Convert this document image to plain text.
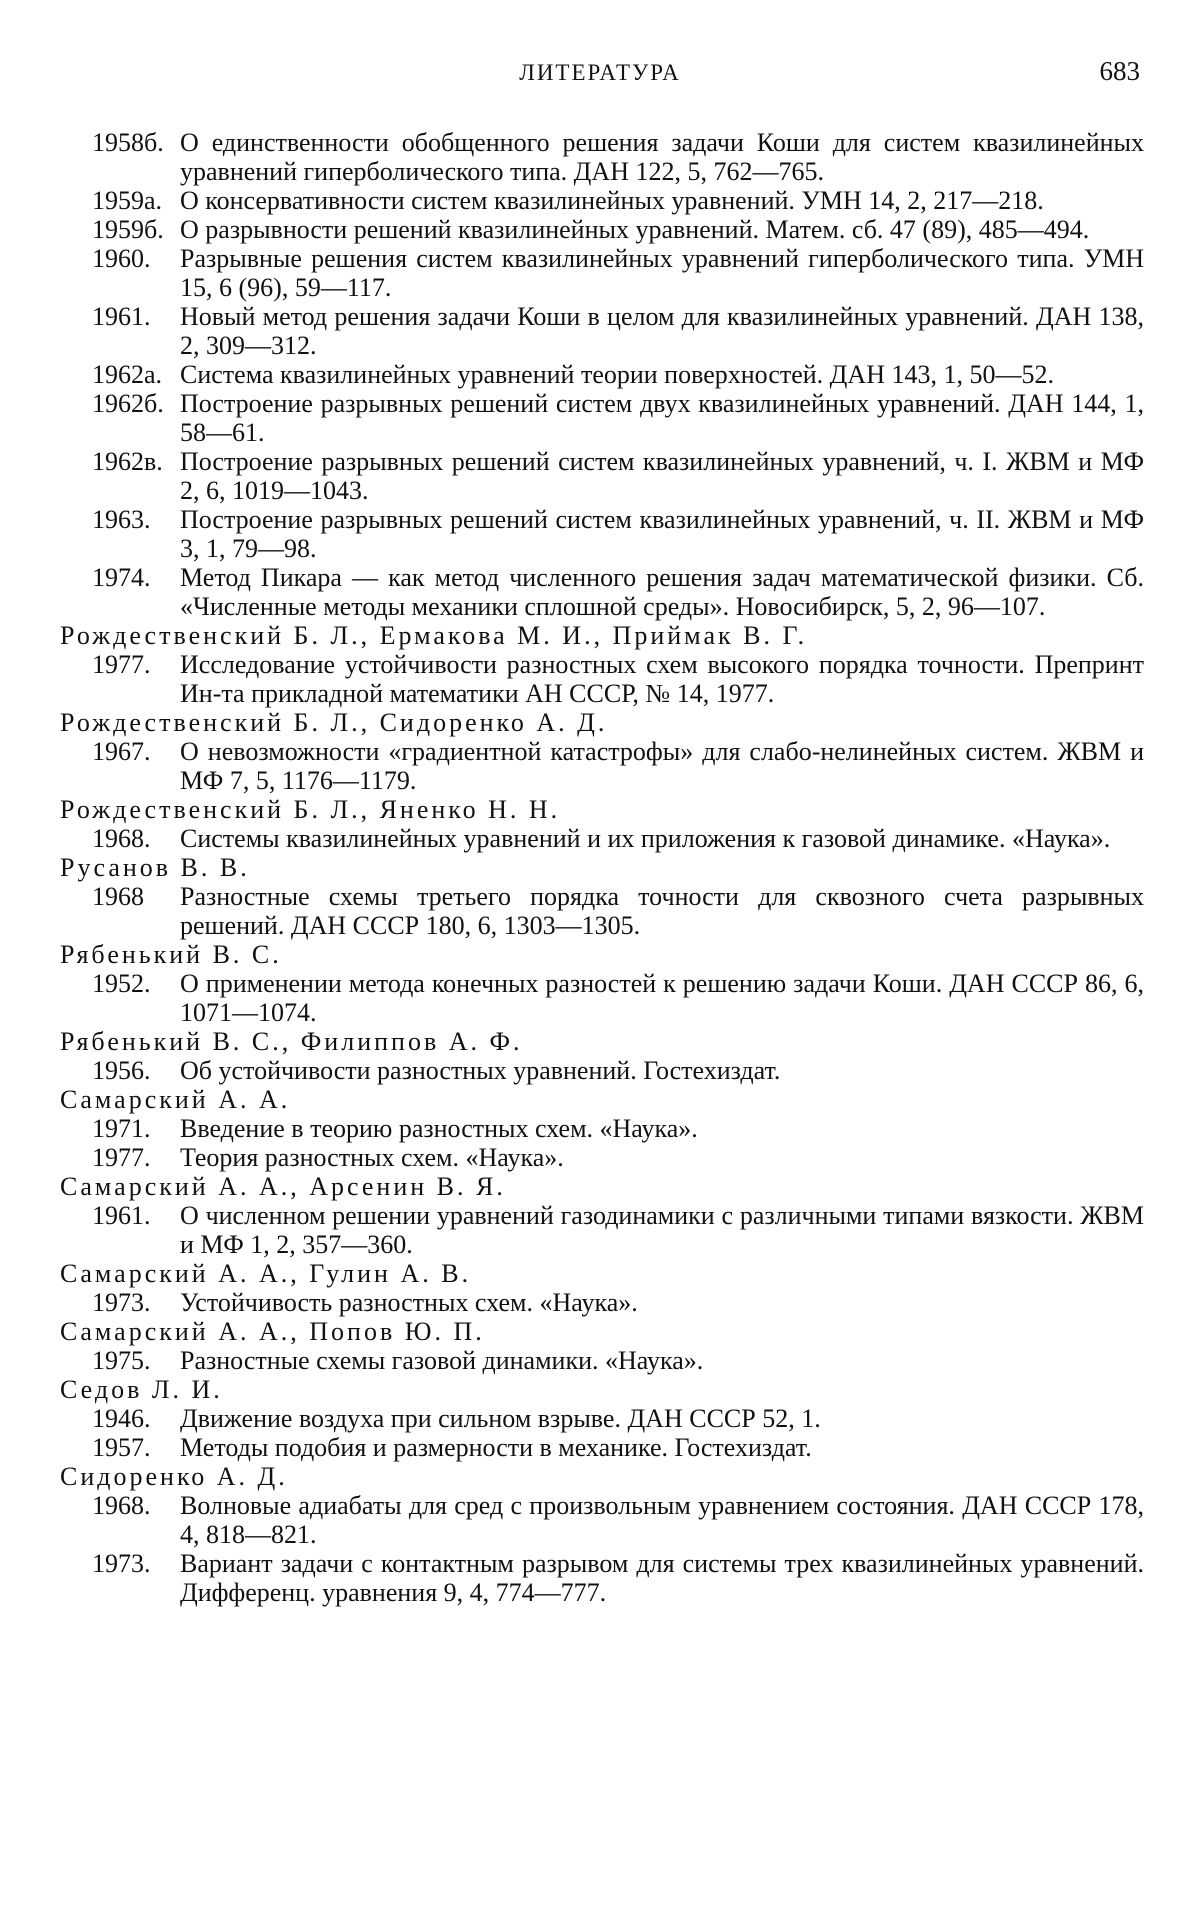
ЛИТЕРАТУРА	683
1958б. О единственности обобщенного решения задачи Коши для систем квазилинейных уравнений гиперболического типа. ДАН 122, 5, 762—765.
1959а. О консервативности систем квазилинейных уравнений. УМН 14, 2, 217—218.
1959б. О разрывности решений квазилинейных уравнений. Матем. сб. 47 (89), 485—494.
1960.	Разрывные решения систем квазилинейных уравнений гиперболического типа. УМН 15, 6 (96), 59—117.
1961.	Новый метод решения задачи Коши в целом для квазилинейных уравнений. ДАН 138, 2, 309—312.
1962а. Система квазилинейных уравнений теории поверхностей. ДАН 143, 1, 50—52.
1962б. Построение разрывных решений систем двух квазилинейных уравнений. ДАН 144, 1, 58—61.
1962в. Построение разрывных решений систем квазилинейных уравнений, ч. I. ЖВМ и МФ 2, 6, 1019—1043.
1963.	Построение разрывных решений систем квазилинейных уравнений, ч. II. ЖВМ и МФ 3, 1, 79—98.
1974.	Метод Пикара — как метод численного решения задач математической физики. Сб. «Численные методы механики сплошной среды». Новосибирск, 5, 2, 96—107.
Рождественский Б. Л., Ермакова М. И., Приймак В. Г.
1977.	Исследование устойчивости разностных схем высокого порядка точности. Препринт Ин-та прикладной математики АН СССР, № 14, 1977.
Рождественский Б. Л., Сидоренко А. Д.
1967.	О невозможности «градиентной катастрофы» для слабо-нелинейных систем. ЖВМ и МФ 7, 5, 1176—1179.
Рождественский Б. Л., Яненко Н. Н.
1968.	Системы квазилинейных уравнений и их приложения к газовой динамике. «Наука».
Русанов В. В.
1968	Разностные схемы третьего порядка точности для сквозного счета разрывных решений. ДАН СССР 180, 6, 1303—1305.
Рябенький В. С.
1952.	О применении метода конечных разностей к решению задачи Коши. ДАН СССР 86, 6, 1071—1074.
Рябенький В. С., Филиппов А. Ф.
1956.	Об устойчивости разностных уравнений. Гостехиздат.
Самарский А. А.
1971.	Введение в теорию разностных схем. «Наука».
1977.	Теория разностных схем. «Наука».
Самарский А. А., Арсенин В. Я.
1961.	О численном решении уравнений газодинамики с различными типами вязкости. ЖВМ и МФ 1, 2, 357—360.
Самарский А. А., Гулин А. В.
1973.	Устойчивость разностных схем. «Наука».
Самарский А. А., Попов Ю. П.
1975.	Разностные схемы газовой динамики. «Наука».
Седов Л. И.
1946.	Движение воздуха при сильном взрыве. ДАН СССР 52, 1.
1957.	Методы подобия и размерности в механике. Гостехиздат.
Сидоренко А. Д.
1968.	Волновые адиабаты для сред с произвольным уравнением состояния. ДАН СССР 178, 4, 818—821.
1973.	Вариант задачи с контактным разрывом для системы трех квазилинейных уравнений. Дифференц. уравнения 9, 4, 774—777.
